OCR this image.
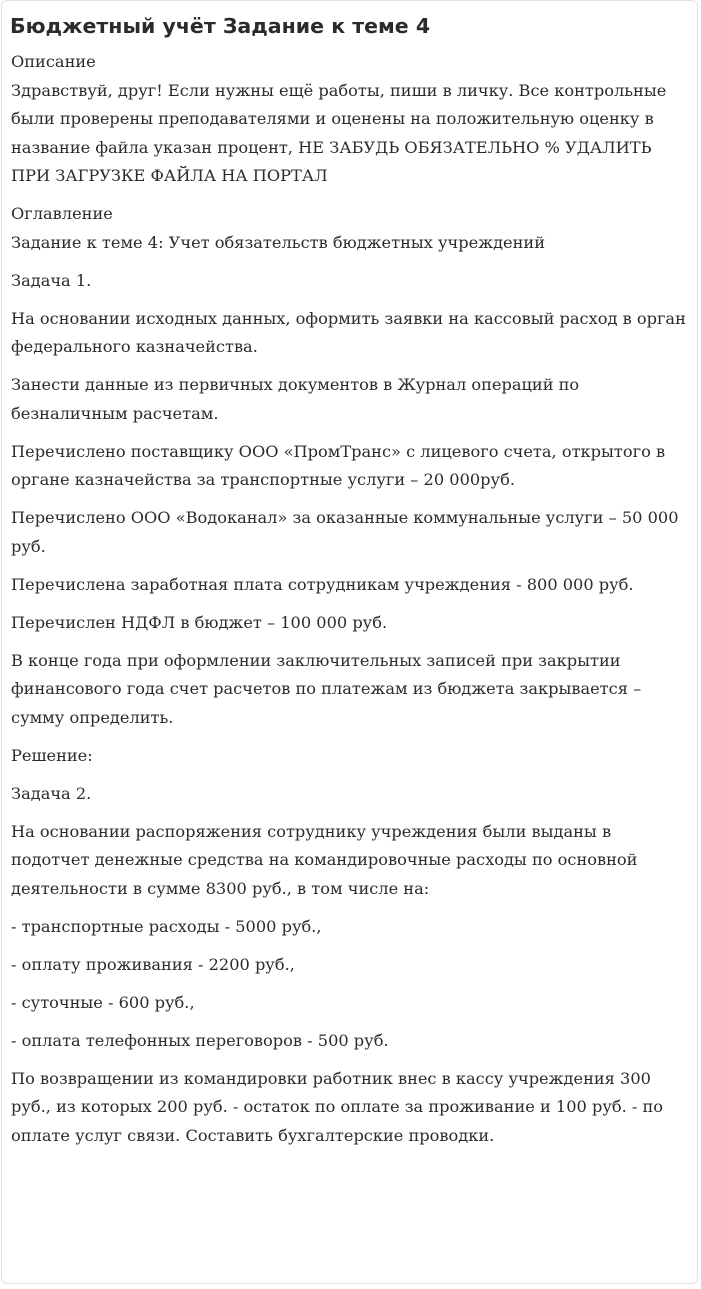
Бюджетный учёт Задание к теме 4

Описание

Здравствуй, друг! Если нужны ещё работы, пиши в личку. Все контрольные были проверены преподавателями и оценены на положительную оценку в название файла указан процент, НЕ ЗАБУДЬ ОБЯЗАТЕЛЬНО % УДАЛИТЬ ПРИ ЗАГРУЗКЕ ФАЙЛА НА ПОРТАЛ

Оглавление

Задание к теме 4: Учет обязательств бюджетных учреждений

Задача 1.

На основании исходных данных, оформить заявки на кассовый расход в орган федерального казначейства.

Занести данные из первичных документов в Журнал операций по безналичным расчетам.

Перечислено поставщику ООО «ПромТранс» с лицевого счета, открытого в органе казначейства за транспортные услуги – 20 000руб.

Перечислено ООО «Водоканал» за оказанные коммунальные услуги – 50 000 руб.

Перечислена заработная плата сотрудникам учреждения - 800 000 руб.

Перечислен НДФЛ в бюджет – 100 000 руб.

В конце года при оформлении заключительных записей при закрытии финансового года счет расчетов по платежам из бюджета закрывается – сумму определить.

Решение:

Задача 2.

На основании распоряжения сотруднику учреждения были выданы в подотчет денежные средства на командировочные расходы по основной деятельности в сумме 8300 руб., в том числе на:

- транспортные расходы - 5000 руб.,

- оплату проживания - 2200 руб.,

- суточные - 600 руб.,

- оплата телефонных переговоров - 500 руб.

По возвращении из командировки работник внес в кассу учреждения 300 руб., из которых 200 руб. - остаток по оплате за проживание и 100 руб. - по оплате услуг связи. Составить бухгалтерские проводки.
